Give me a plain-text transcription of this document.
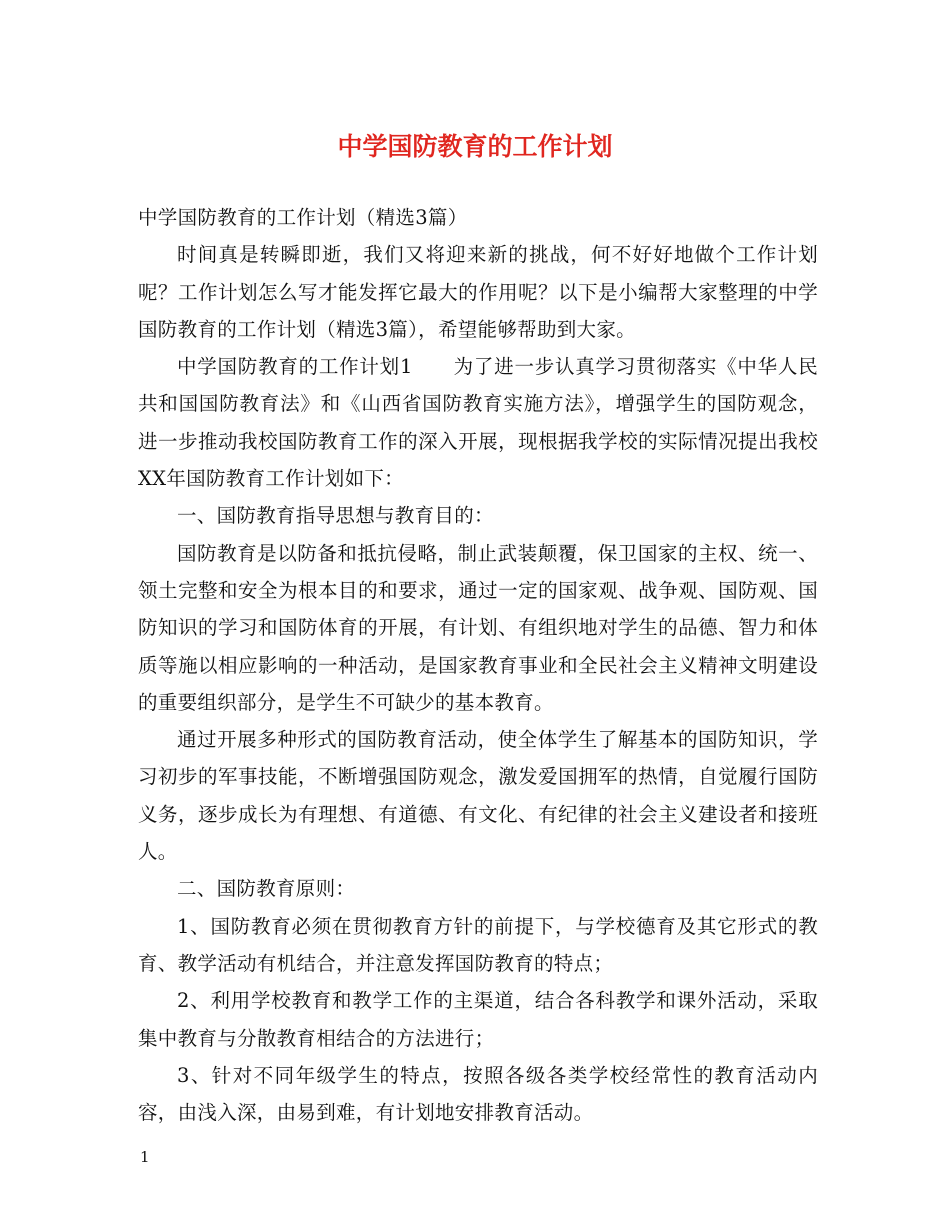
中学国防教育的工作计划

中学国防教育的工作计划（精选3篇）

时间真是转瞬即逝，我们又将迎来新的挑战，何不好好地做个工作计划呢？工作计划怎么写才能发挥它最大的作用呢？以下是小编帮大家整理的中学国防教育的工作计划（精选3篇），希望能够帮助到大家。

中学国防教育的工作计划1　　为了进一步认真学习贯彻落实《中华人民共和国国防教育法》和《山西省国防教育实施方法》，增强学生的国防观念，进一步推动我校国防教育工作的深入开展，现根据我学校的实际情况提出我校XX年国防教育工作计划如下：

一、国防教育指导思想与教育目的：

国防教育是以防备和抵抗侵略，制止武装颠覆，保卫国家的主权、统一、领土完整和安全为根本目的和要求，通过一定的国家观、战争观、国防观、国防知识的学习和国防体育的开展，有计划、有组织地对学生的品德、智力和体质等施以相应影响的一种活动，是国家教育事业和全民社会主义精神文明建设的重要组织部分，是学生不可缺少的基本教育。

通过开展多种形式的国防教育活动，使全体学生了解基本的国防知识，学习初步的军事技能，不断增强国防观念，激发爱国拥军的热情，自觉履行国防义务，逐步成长为有理想、有道德、有文化、有纪律的社会主义建设者和接班人。

二、国防教育原则：

1、国防教育必须在贯彻教育方针的前提下，与学校德育及其它形式的教育、教学活动有机结合，并注意发挥国防教育的特点；

2、利用学校教育和教学工作的主渠道，结合各科教学和课外活动，采取集中教育与分散教育相结合的方法进行；

3、针对不同年级学生的特点，按照各级各类学校经常性的教育活动内容，由浅入深，由易到难，有计划地安排教育活动。

1
